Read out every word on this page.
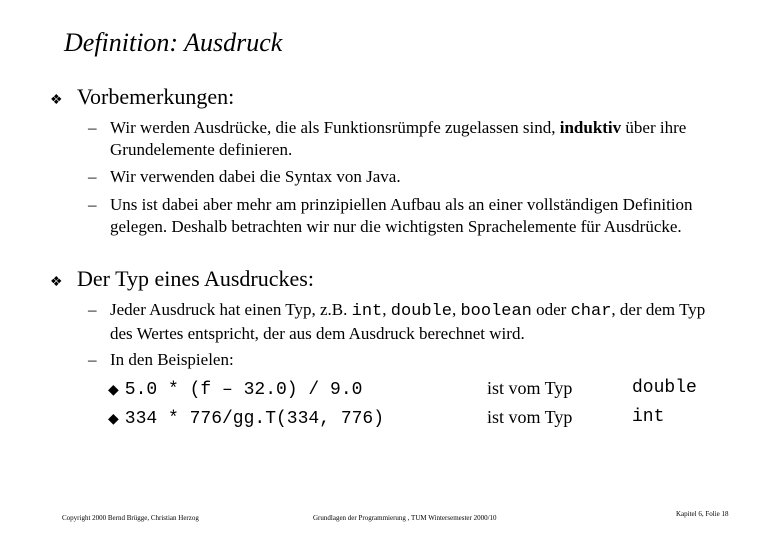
Definition: Ausdruck
❖ Vorbemerkungen:
– Wir werden Ausdrücke, die als Funktionsrümpfe zugelassen sind, induktiv über ihre Grundelemente definieren.
– Wir verwenden dabei die Syntax von Java.
– Uns ist dabei aber mehr am prinzipiellen Aufbau als an einer vollständigen Definition gelegen. Deshalb betrachten wir nur die wichtigsten Sprachelemente für Ausdrücke.
❖ Der Typ eines Ausdruckes:
– Jeder Ausdruck hat einen Typ, z.B. int, double, boolean oder char, der dem Typ des Wertes entspricht, der aus dem Ausdruck berechnet wird.
– In den Beispielen:
◆ 5.0 * (f – 32.0) / 9.0	ist vom Typ	double
◆ 334 * 776/gg.T(334, 776)	ist vom Typ	int
Copyright 2000 Bernd Brügge, Christian Herzog	Grundlagen der Programmierung , TUM Wintersemester 2000/10	Kapitel 6, Folie 18
